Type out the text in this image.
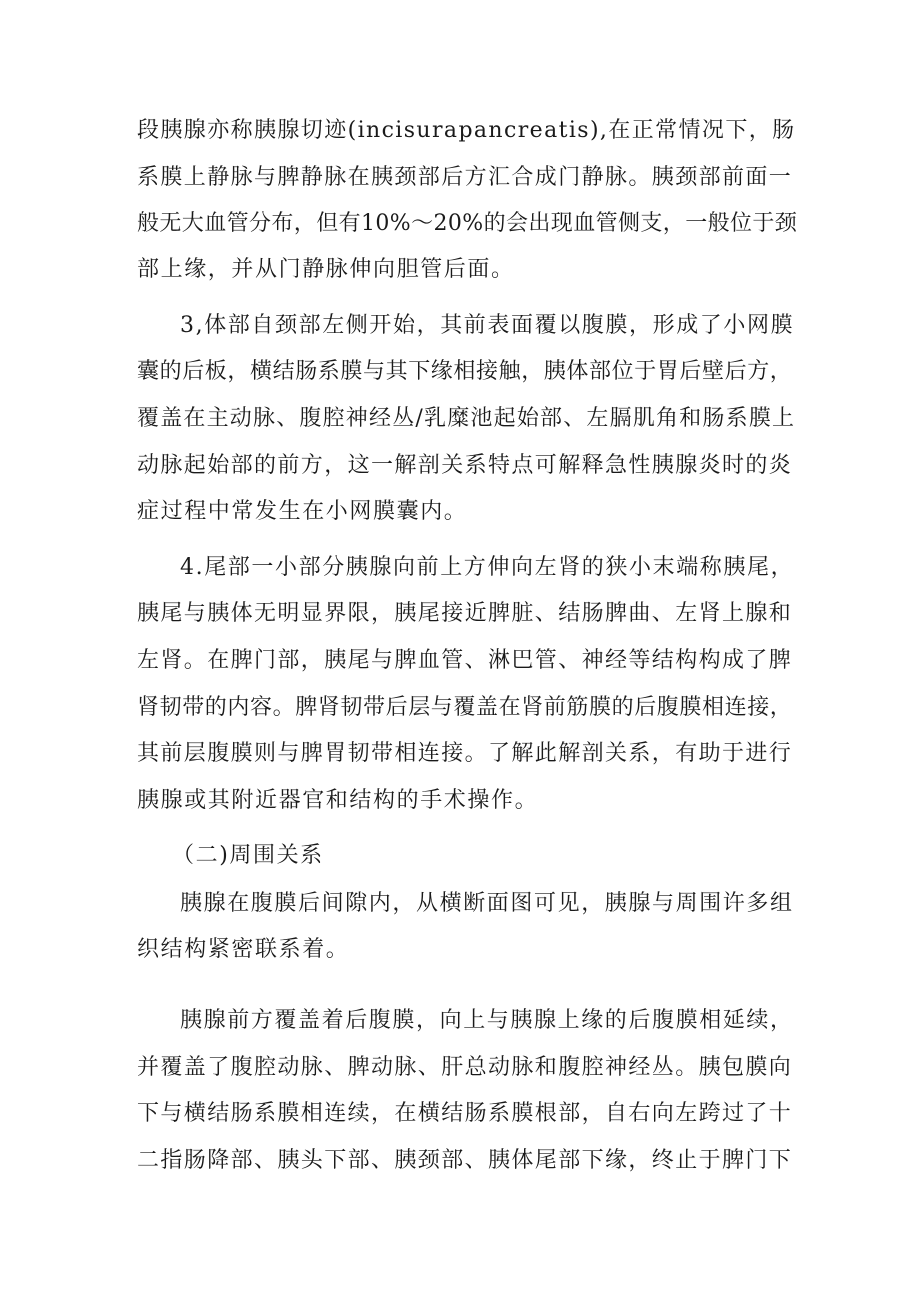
段胰腺亦称胰腺切迹(incisurapancreatis),在正常情况下，肠
系膜上静脉与脾静脉在胰颈部后方汇合成门静脉。胰颈部前面一
般无大血管分布，但有10%～20%的会出现血管侧支，一般位于颈
部上缘，并从门静脉伸向胆管后面。
3,体部自颈部左侧开始，其前表面覆以腹膜，形成了小网膜
囊的后板，横结肠系膜与其下缘相接触，胰体部位于胃后壁后方，
覆盖在主动脉、腹腔神经丛/乳糜池起始部、左膈肌角和肠系膜上
动脉起始部的前方，这一解剖关系特点可解释急性胰腺炎时的炎
症过程中常发生在小网膜囊内。
4.尾部一小部分胰腺向前上方伸向左肾的狭小末端称胰尾，
胰尾与胰体无明显界限，胰尾接近脾脏、结肠脾曲、左肾上腺和
左肾。在脾门部，胰尾与脾血管、淋巴管、神经等结构构成了脾
肾韧带的内容。脾肾韧带后层与覆盖在肾前筋膜的后腹膜相连接，
其前层腹膜则与脾胃韧带相连接。了解此解剖关系，有助于进行
胰腺或其附近器官和结构的手术操作。
（二)周围关系
胰腺在腹膜后间隙内，从横断面图可见，胰腺与周围许多组
织结构紧密联系着。
胰腺前方覆盖着后腹膜，向上与胰腺上缘的后腹膜相延续，
并覆盖了腹腔动脉、脾动脉、肝总动脉和腹腔神经丛。胰包膜向
下与横结肠系膜相连续，在横结肠系膜根部，自右向左跨过了十
二指肠降部、胰头下部、胰颈部、胰体尾部下缘，终止于脾门下
